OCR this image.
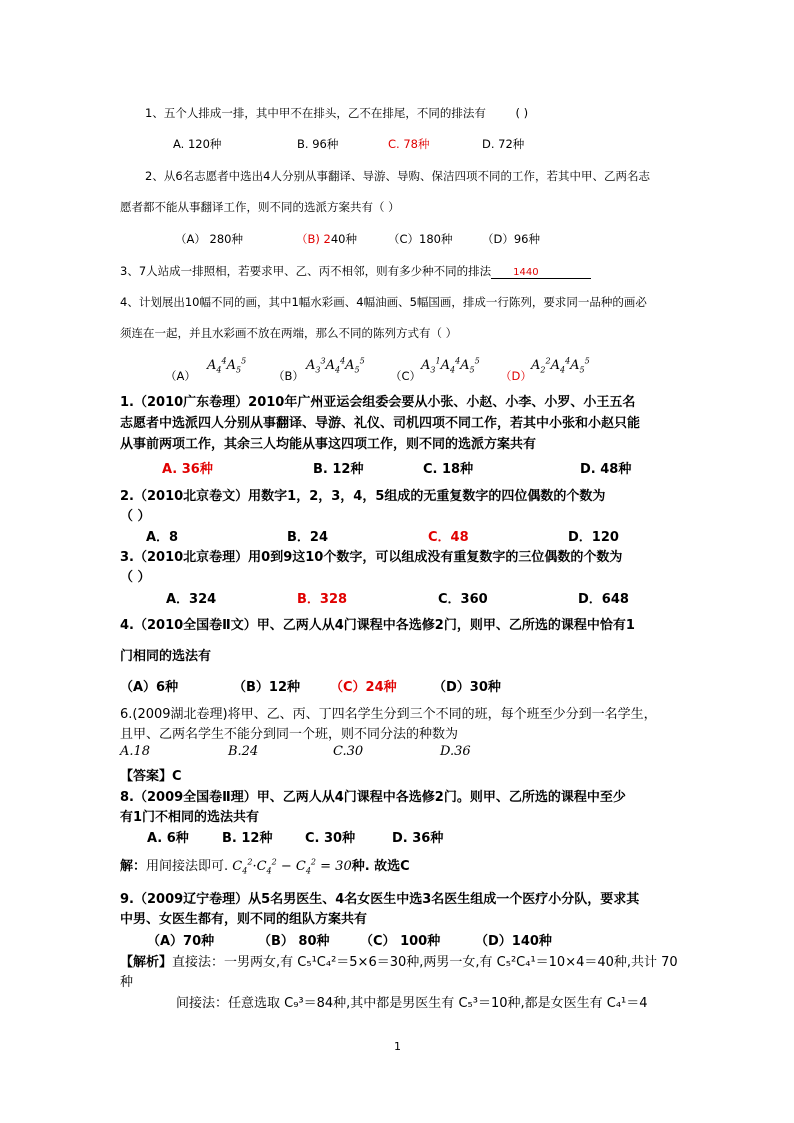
1、五个人排成一排，其中甲不在排头，乙不在排尾，不同的排法有	( )
A. 120种	B. 96种	C. 78种	D. 72种
2、从6名志愿者中选出4人分别从事翻译、导游、导购、保洁四项不同的工作，若其中甲、乙两名志
愿者都不能从事翻译工作，则不同的选派方案共有（ ）
（A） 280种	（B) 240种	（C）180种	（D）96种
3、7人站成一排照相，若要求甲、乙、丙不相邻，则有多少种不同的排法 1440
4、计划展出10幅不同的画，其中1幅水彩画、4幅油画、5幅国画，排成一行陈列，要求同一品种的画必
须连在一起，并且水彩画不放在两端，那么不同的陈列方式有（ ）
（A）
$A_4^4A_5^5$
（B）
$A_3^3A_4^4A_5^5$
（C）
$A_3^1A_4^4A_5^5$
（D）
$A_2^2A_4^4A_5^5$
1.（2010广东卷理）2010年广州亚运会组委会要从小张、小赵、小李、小罗、小王五名
志愿者中选派四人分别从事翻译、导游、礼仪、司机四项不同工作，若其中小张和小赵只能
从事前两项工作，其余三人均能从事这四项工作，则不同的选派方案共有
A. 36种	B. 12种	C. 18种	D. 48种
2.（2010北京卷文）用数字1，2，3，4，5组成的无重复数字的四位偶数的个数为
（ ）
A．8	B．24	C．48	D．120
3.（2010北京卷理）用0到9这10个数字，可以组成没有重复数字的三位偶数的个数为
（ ）
A．324	B．328	C．360	D．648
4.（2010全国卷Ⅱ文）甲、乙两人从4门课程中各选修2门，则甲、乙所选的课程中恰有1
门相同的选法有
（A）6种	（B）12种 （C）24种	（D）30种
6.(2009湖北卷理)将甲、乙、丙、丁四名学生分到三个不同的班，每个班至少分到一名学生，
且甲、乙两名学生不能分到同一个班，则不同分法的种数为
A.18	B.24	C.30	D.36
【答案】C
8.（2009全国卷Ⅱ理）甲、乙两人从4门课程中各选修2门。则甲、乙所选的课程中至少
有1门不相同的选法共有
A. 6种	B. 12种	C. 30种	D. 36种
解：用间接法即可. $C_4^2\cdot C_4^2 - C_4^2 = 30$种. 故选C
9.（2009辽宁卷理）从5名男医生、4名女医生中选3名医生组成一个医疗小分队，要求其
中男、女医生都有，则不同的组队方案共有
（A）70种	（B） 80种 （C） 100种	（D）140种
【解析】直接法：一男两女,有 C₅¹C₄²＝5×6＝30种,两男一女,有 C₅²C₄¹＝10×4＝40种,共计 70
种
间接法：任意选取 C₉³＝84种,其中都是男医生有 C₅³＝10种,都是女医生有 C₄¹＝4
1
